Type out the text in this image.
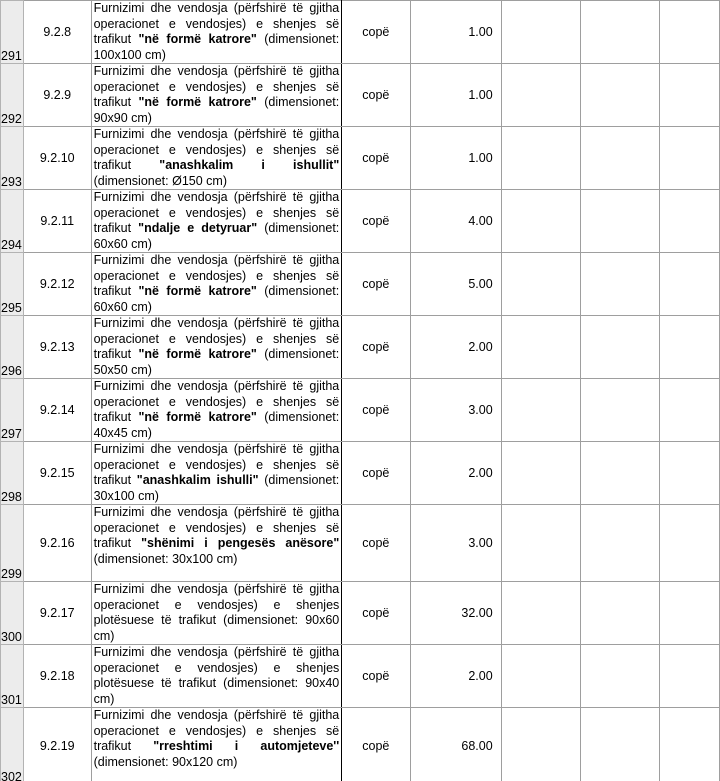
291	9.2.8	Furnizimi dhe vendosja (përfshirë të gjitha operacionet e vendosjes) e shenjes së trafikut "në formë katrore" (dimensionet: 100x100 cm)	copë	1.00			
292	9.2.9	Furnizimi dhe vendosja (përfshirë të gjitha operacionet e vendosjes) e shenjes së trafikut "në formë katrore" (dimensionet: 90x90 cm)	copë	1.00			
293	9.2.10	Furnizimi dhe vendosja (përfshirë të gjitha operacionet e vendosjes) e shenjes së trafikut "anashkalim i ishullit" (dimensionet: Ø150 cm)	copë	1.00			
294	9.2.11	Furnizimi dhe vendosja (përfshirë të gjitha operacionet e vendosjes) e shenjes së trafikut "ndalje e detyruar" (dimensionet: 60x60 cm)	copë	4.00			
295	9.2.12	Furnizimi dhe vendosja (përfshirë të gjitha operacionet e vendosjes) e shenjes së trafikut "në formë katrore" (dimensionet: 60x60 cm)	copë	5.00			
296	9.2.13	Furnizimi dhe vendosja (përfshirë të gjitha operacionet e vendosjes) e shenjes së trafikut "në formë katrore" (dimensionet: 50x50 cm)	copë	2.00			
297	9.2.14	Furnizimi dhe vendosja (përfshirë të gjitha operacionet e vendosjes) e shenjes së trafikut "në formë katrore" (dimensionet: 40x45 cm)	copë	3.00			
298	9.2.15	Furnizimi dhe vendosja (përfshirë të gjitha operacionet e vendosjes) e shenjes së trafikut "anashkalim ishulli" (dimensionet: 30x100 cm)	copë	2.00			
299	9.2.16	Furnizimi dhe vendosja (përfshirë të gjitha operacionet e vendosjes) e shenjes së trafikut "shënimi i pengesës anësore" (dimensionet: 30x100 cm)	copë	3.00			
300	9.2.17	Furnizimi dhe vendosja (përfshirë të gjitha operacionet e vendosjes) e shenjes plotësuese të trafikut (dimensionet: 90x60 cm)	copë	32.00			
301	9.2.18	Furnizimi dhe vendosja (përfshirë të gjitha operacionet e vendosjes) e shenjes plotësuese të trafikut (dimensionet: 90x40 cm)	copë	2.00			
302	9.2.19	Furnizimi dhe vendosja (përfshirë të gjitha operacionet e vendosjes) e shenjes së trafikut "rreshtimi i automjeteve'' (dimensionet: 90x120 cm)	copë	68.00			
